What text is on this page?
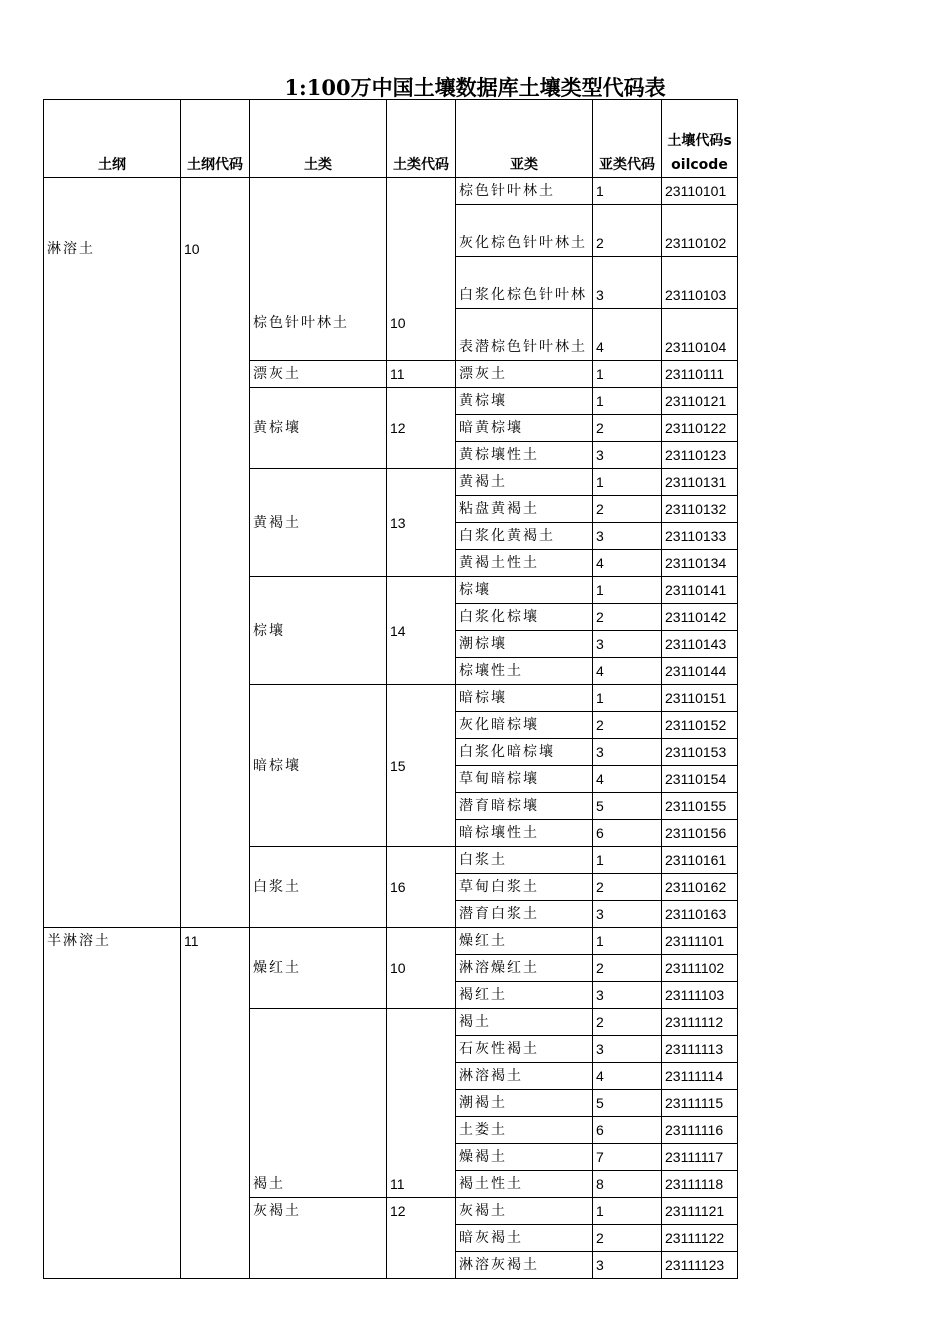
1:100万中国土壤数据库土壤类型代码表
土纲	土纲代码	土类	土类代码	亚类	亚类代码	土壤代码soilcode
淋溶土	10	棕色针叶林土	10	棕色针叶林土	1	23110101
				灰化棕色针叶林土	2	23110102
				白浆化棕色针叶林	3	23110103
				表潜棕色针叶林土	4	23110104
		漂灰土	11	漂灰土	1	23110111
		黄棕壤	12	黄棕壤	1	23110121
				暗黄棕壤	2	23110122
				黄棕壤性土	3	23110123
		黄褐土	13	黄褐土	1	23110131
				粘盘黄褐土	2	23110132
				白浆化黄褐土	3	23110133
				黄褐土性土	4	23110134
		棕壤	14	棕壤	1	23110141
				白浆化棕壤	2	23110142
				潮棕壤	3	23110143
				棕壤性土	4	23110144
		暗棕壤	15	暗棕壤	1	23110151
				灰化暗棕壤	2	23110152
				白浆化暗棕壤	3	23110153
				草甸暗棕壤	4	23110154
				潜育暗棕壤	5	23110155
				暗棕壤性土	6	23110156
		白浆土	16	白浆土	1	23110161
				草甸白浆土	2	23110162
				潜育白浆土	3	23110163
半淋溶土	11	燥红土	10	燥红土	1	23111101
				淋溶燥红土	2	23111102
				褐红土	3	23111103
		褐土	11	褐土	2	23111112
				石灰性褐土	3	23111113
				淋溶褐土	4	23111114
				潮褐土	5	23111115
				土娄土	6	23111116
				燥褐土	7	23111117
				褐土性土	8	23111118
		灰褐土	12	灰褐土	1	23111121
				暗灰褐土	2	23111122
				淋溶灰褐土	3	23111123
